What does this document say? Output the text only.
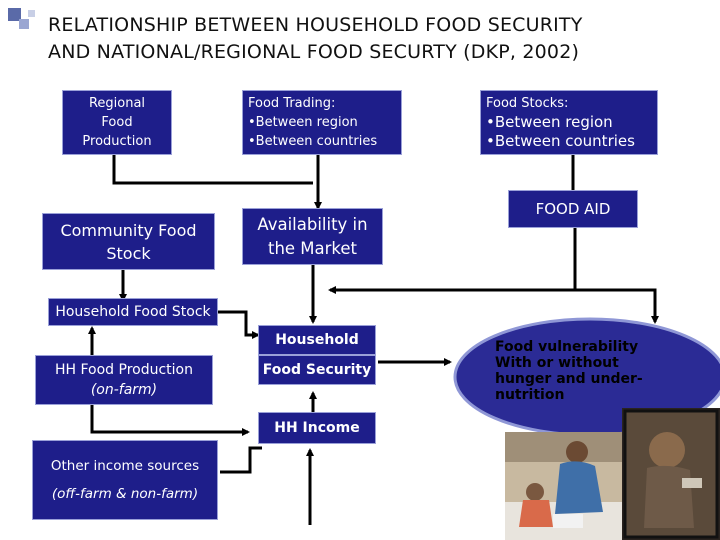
RELATIONSHIP BETWEEN HOUSEHOLD FOOD SECURITY
AND NATIONAL/REGIONAL FOOD SECURTY (DKP, 2002)
Regional
Food
Production
Food Trading:
•Between region
•Between countries
Food Stocks:
•Between region
•Between countries
Community Food
Stock
Availability in
the Market
FOOD AID
Household Food Stock
Household
Food Security
HH Income
HH Food Production
(on-farm)
Other income sources
(off-farm & non-farm)
Food vulnerability
With or without
hunger and under-
nutrition
